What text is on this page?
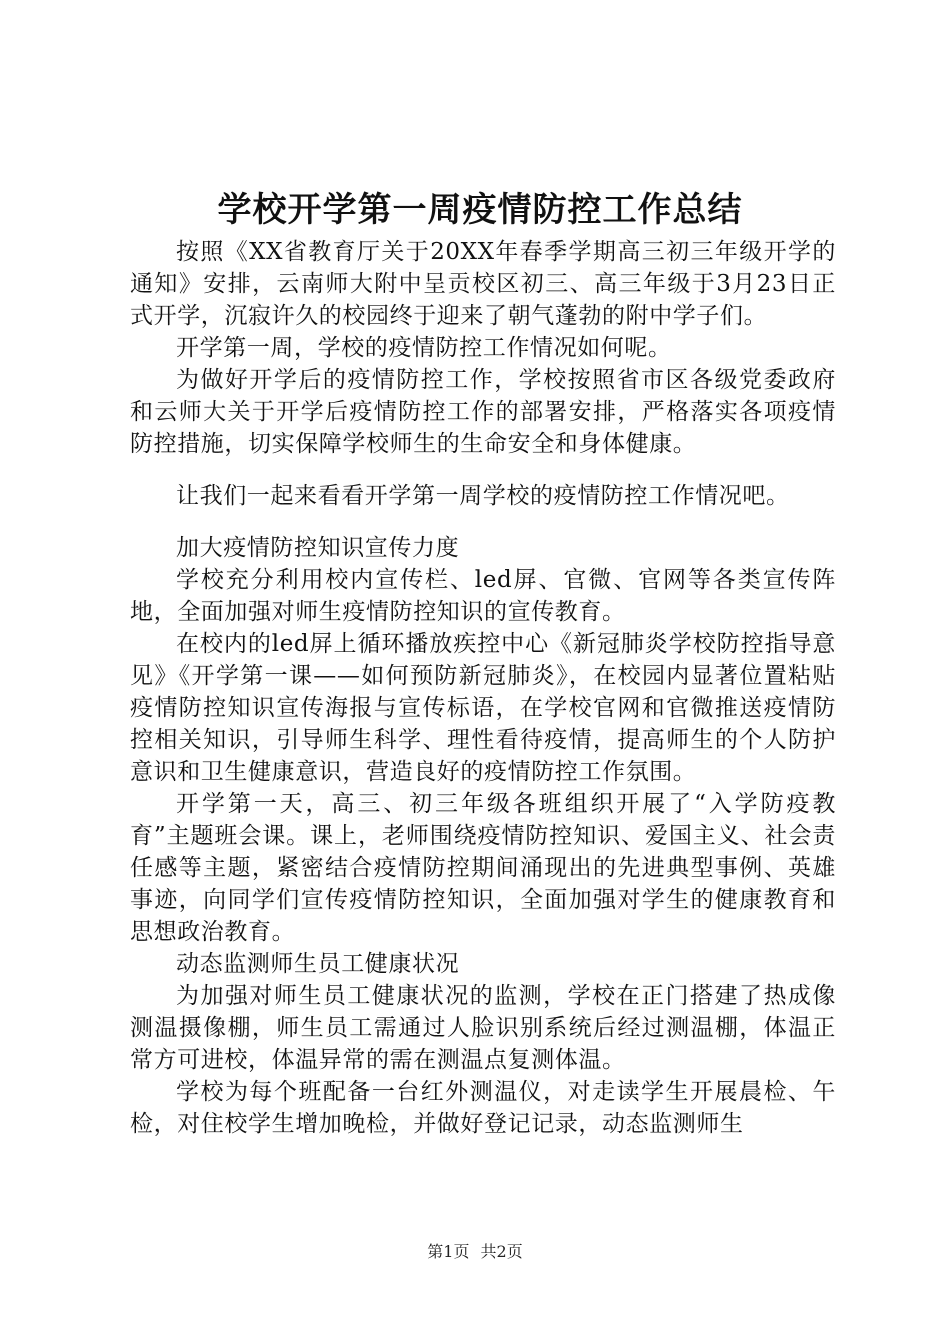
学校开学第一周疫情防控工作总结

按照《XX省教育厅关于20XX年春季学期高三初三年级开学的通知》安排，云南师大附中呈贡校区初三、高三年级于3月23日正式开学，沉寂许久的校园终于迎来了朝气蓬勃的附中学子们。

开学第一周，学校的疫情防控工作情况如何呢。

为做好开学后的疫情防控工作，学校按照省市区各级党委政府和云师大关于开学后疫情防控工作的部署安排，严格落实各项疫情防控措施，切实保障学校师生的生命安全和身体健康。

让我们一起来看看开学第一周学校的疫情防控工作情况吧。

加大疫情防控知识宣传力度

学校充分利用校内宣传栏、led屏、官微、官网等各类宣传阵地，全面加强对师生疫情防控知识的宣传教育。

在校内的led屏上循环播放疾控中心《新冠肺炎学校防控指导意见》《开学第一课——如何预防新冠肺炎》，在校园内显著位置粘贴疫情防控知识宣传海报与宣传标语，在学校官网和官微推送疫情防控相关知识，引导师生科学、理性看待疫情，提高师生的个人防护意识和卫生健康意识，营造良好的疫情防控工作氛围。

开学第一天，高三、初三年级各班组织开展了“入学防疫教育”主题班会课。课上，老师围绕疫情防控知识、爱国主义、社会责任感等主题，紧密结合疫情防控期间涌现出的先进典型事例、英雄事迹，向同学们宣传疫情防控知识，全面加强对学生的健康教育和思想政治教育。

动态监测师生员工健康状况

为加强对师生员工健康状况的监测，学校在正门搭建了热成像测温摄像棚，师生员工需通过人脸识别系统后经过测温棚，体温正常方可进校，体温异常的需在测温点复测体温。

学校为每个班配备一台红外测温仪，对走读学生开展晨检、午检，对住校学生增加晚检，并做好登记记录，动态监测师生

第1页 共2页
